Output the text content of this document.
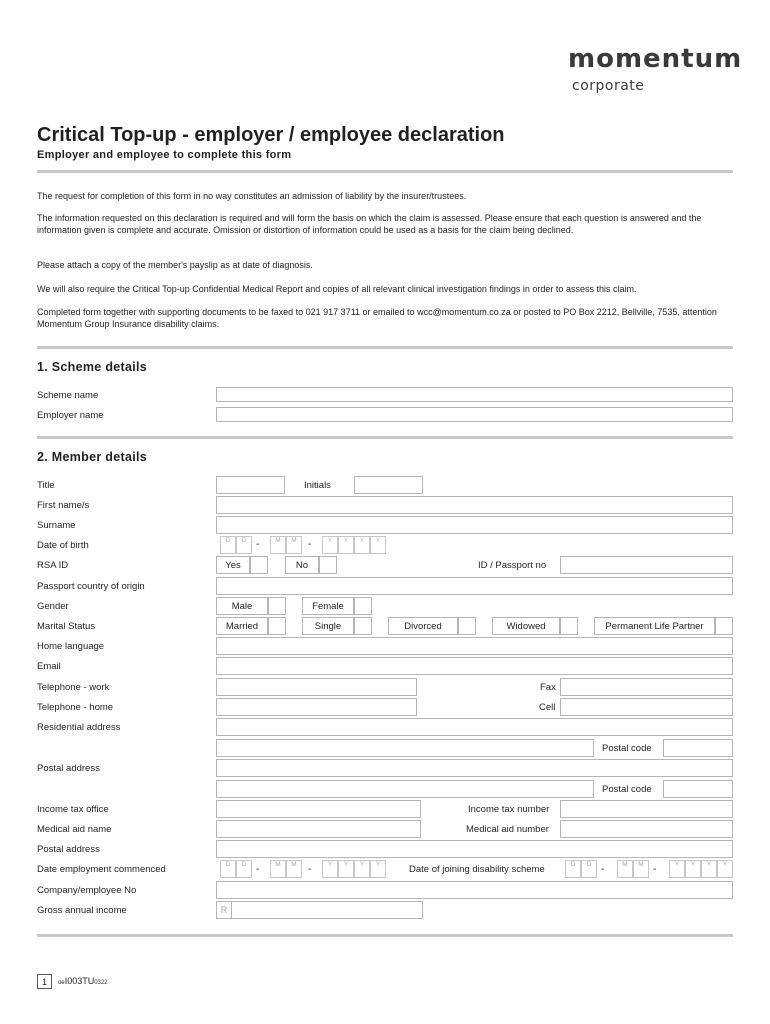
momentum
corporate
Critical Top-up - employer / employee declaration
Employer and employee to complete this form
The request for completion of this form in no way constitutes an admission of liability by the insurer/trustees.
The information requested on this declaration is required and will form the basis on which the claim is assessed. Please ensure that each question is answered and the information given is complete and accurate. Omission or distortion of information could be used as a basis for the claim being declined.
Please attach a copy of the member's payslip as at date of diagnosis.
We will also require the Critical Top-up Confidential Medical Report and copies of all relevant clinical investigation findings in order to assess this claim.
Completed form together with supporting documents to be faxed to 021 917 3711 or emailed to wcc@momentum.co.za or posted to PO Box 2212, Bellville, 7535, attention Momentum Group Insurance disability claims.
1. Scheme details
Scheme name
Employer name
2. Member details
Title	Initials
First name/s
Surname
Date of birth	D	D -	M	M	-	Y	Y	Y	Y
RSA ID	Yes	No	ID / Passport no
Passport country of origin
Gender	Male	Female
Marital Status	Married	Single	Divorced	Widowed	Permanent Life Partner
Home language
Email
Telephone - work	Fax
Telephone - home	Cell
Residential address
Postal code
Postal address
Postal code
Income tax office	Income tax number
Medical aid name	Medical aid number
Postal address
Date employment commenced	D	D -	M	M	-	Y	Y	Y	Y	Date of joining disability scheme	D	D -	M	M -	Y	Y	Y	Y
Company/employee No
Gross annual income	R
1	oeI003TU0322
